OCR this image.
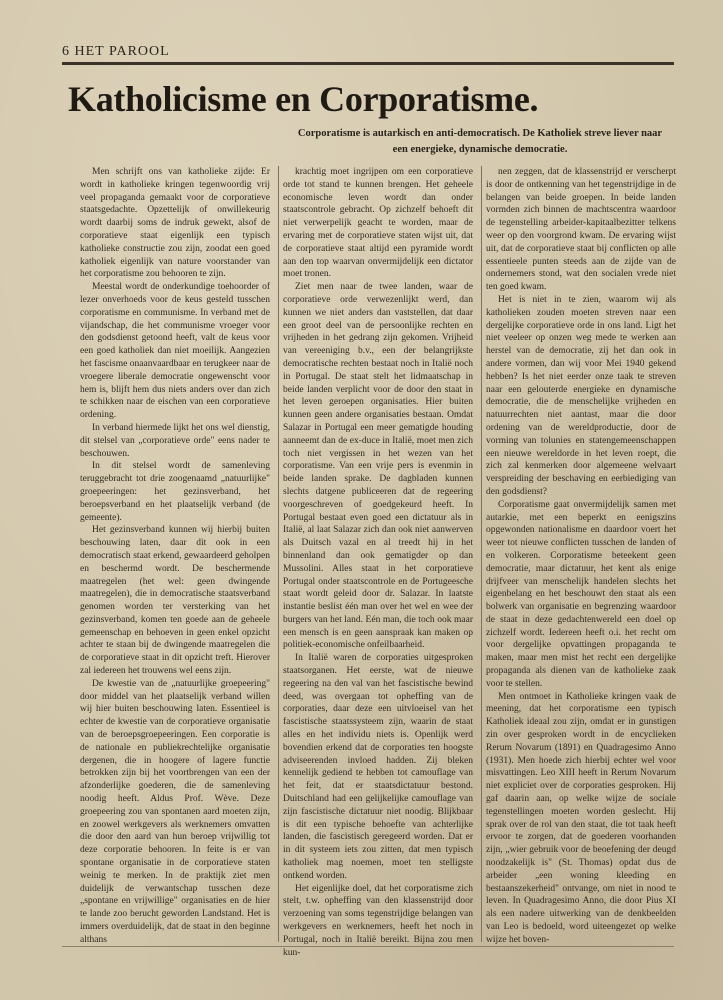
6 HET PAROOL
Katholicisme en Corporatisme.
Corporatisme is autarkisch en anti-democratisch. De Katholiek streve liever naar een energieke, dynamische democratie.

Men schrijft ons van katholieke zijde: Er wordt in katholieke kringen tegenwoordig vrij veel propaganda gemaakt voor de corporatieve staatsgedachte. Opzettelijk of onwillekeurig wordt daarbij soms de indruk gewekt, alsof de corporatieve staat eigenlijk een typisch katholieke constructie zou zijn, zoodat een goed katholiek eigenlijk van nature voorstander van het corporatisme zou behooren te zijn.

Meestal wordt de onderkundige toehoorder of lezer onverhoeds voor de keus gesteld tusschen corporatisme en communisme. In verband met de vijandschap, die het communisme vroeger voor den godsdienst getoond heeft, valt de keus voor een goed katholiek dan niet moeilijk. Aangezien het fascisme onaanvaardbaar en terugkeer naar de vroegere liberale democratie ongewenscht voor hem is, blijft hem dus niets anders over dan zich te schikken naar de eischen van een corporatieve ordening.

In verband hiermede lijkt het ons wel dienstig, dit stelsel van „corporatieve orde" eens nader te beschouwen.

In dit stelsel wordt de samenleving teruggebracht tot drie zoogenaamd „natuurlijke" groepeeringen: het gezinsverband, het beroepsverband en het plaatselijk verband (de gemeente).

Het gezinsverband kunnen wij hierbij buiten beschouwing laten, daar dit ook in een democratisch staat erkend, gewaardeerd geholpen en beschermd wordt. De beschermende maatregelen (het wel: geen dwingende maatregelen), die in democratische staatsverband genomen worden ter versterking van het gezinsverband, komen ten goede aan de geheele gemeenschap en behoeven in geen enkel opzicht achter te staan bij de dwingende maatregelen die de corporatieve staat in dit opzicht treft. Hierover zal iedereen het trouwens wel eens zijn.

De kwestie van de „natuurlijke groepeering" door middel van het plaatselijk verband willen wij hier buiten beschouwing laten. Essentieel is echter de kwestie van de corporatieve organisatie van de beroepsgroepeeringen. Een corporatie is de nationale en publiekrechtelijke organisatie dergenen, die in hoogere of lagere functie betrokken zijn bij het voortbrengen van een der afzonderlijke goederen, die de samenleving noodig heeft. Aldus Prof. Wève. Deze groepeering zou van spontanen aard moeten zijn, en zoowel werkgevers als werknemers omvatten die door den aard van hun beroep vrijwillig tot deze corporatie behooren. In feite is er van spontane organisatie in de corporatieve staten weinig te merken. In de praktijk ziet men duidelijk de verwantschap tusschen deze „spontane en vrijwillige" organisaties en de hier te lande zoo berucht geworden Landstand. Het is immers overduidelijk, dat de staat in den beginne althans

krachtig moet ingrijpen om een corporatieve orde tot stand te kunnen brengen. Het geheele economische leven wordt dan onder staatscontrole gebracht. Op zichzelf behoeft dit niet verwerpelijk geacht te worden, maar de ervaring met de corporatieve staten wijst uit, dat de corporatieve staat altijd een pyramide wordt aan den top waarvan onvermijdelijk een dictator moet tronen.

Ziet men naar de twee landen, waar de corporatieve orde verwezenlijkt werd, dan kunnen we niet anders dan vaststellen, dat daar een groot deel van de persoonlijke rechten en vrijheden in het gedrang zijn gekomen. Vrijheid van vereeniging b.v., een der belangrijkste democratische rechten bestaat noch in Italië noch in Portugal. De staat stelt het lidmaatschap in beide landen verplicht voor de door den staat in het leven geroepen organisaties. Hier buiten kunnen geen andere organisaties bestaan. Omdat Salazar in Portugal een meer gematigde houding aanneemt dan de ex-duce in Italië, moet men zich toch niet vergissen in het wezen van het corporatisme. Van een vrije pers is evenmin in beide landen sprake. De dagbladen kunnen slechts datgene publiceeren dat de regeering voorgeschreven of goedgekeurd heeft. In Portugal bestaat even goed een dictatuur als in Italië, al laat Salazar zich dan ook niet aanwerven als Duitsch vazal en al treedt hij in het binnenland dan ook gematigder op dan Mussolini. Alles staat in het corporatieve Portugal onder staatscontrole en de Portugeesche staat wordt geleid door dr. Salazar. In laatste instantie beslist één man over het wel en wee der burgers van het land. Eén man, die toch ook maar een mensch is en geen aanspraak kan maken op politiek-economische onfeilbaarheid.

In Italië waren de corporaties uitgesproken staatsorganen. Het eerste, wat de nieuwe regeering na den val van het fascistische bewind deed, was overgaan tot opheffing van de corporaties, daar deze een uitvloeisel van het fascistische staatssysteem zijn, waarin de staat alles en het individu niets is. Openlijk werd bovendien erkend dat de corporaties ten hoogste adviseerenden invloed hadden. Zij bleken kennelijk gediend te hebben tot camouflage van het feit, dat er staatsdictatuur bestond. Duitschland had een gelijkelijke camouflage van zijn fascistische dictatuur niet noodig. Blijkbaar is dit een typische behoefte van achterlijke landen, die fascistisch geregeerd worden. Dat er in dit systeem iets zou zitten, dat men typisch katholiek mag noemen, moet ten stelligste ontkend worden.

Het eigenlijke doel, dat het corporatisme zich stelt, t.w. opheffing van den klassenstrijd door verzoening van soms tegenstrijdige belangen van werkgevers en werknemers, heeft het noch in Portugal, noch in Italië bereikt. Bijna zou men kun-

nen zeggen, dat de klassenstrijd er verscherpt is door de ontkenning van het tegenstrijdige in de belangen van beide groepen. In beide landen vormden zich binnen de machtscentra waardoor de tegenstelling arbeider-kapitaalbezitter telkens weer op den voorgrond kwam. De ervaring wijst uit, dat de corporatieve staat bij conflicten op alle essentieele punten steeds aan de zijde van de ondernemers stond, wat den socialen vrede niet ten goed kwam.

Het is niet in te zien, waarom wij als katholieken zouden moeten streven naar een dergelijke corporatieve orde in ons land. Ligt het niet veeleer op onzen weg mede te werken aan herstel van de democratie, zij het dan ook in andere vormen, dan wij voor Mei 1940 gekend hebben? Is het niet eerder onze taak te streven naar een gelouterde energieke en dynamische democratie, die de menschelijke vrijheden en natuurrechten niet aantast, maar die door ordening van de wereldproductie, door de vorming van tolunies en statengemeenschappen een nieuwe wereldorde in het leven roept, die zich zal kenmerken door algemeene welvaart verspreiding der beschaving en eerbiediging van den godsdienst?

Corporatisme gaat onvermijdelijk samen met autarkie, met een beperkt en eenigszins opgewonden nationalisme en daardoor voert het weer tot nieuwe conflicten tusschen de landen of en volkeren. Corporatisme beteekent geen democratie, maar dictatuur, het kent als enige drijfveer van menschelijk handelen slechts het eigenbelang en het beschouwt den staat als een bolwerk van organisatie en begrenzing waardoor de staat in deze gedachtenwereld een doel op zichzelf wordt. Iedereen heeft o.i. het recht om voor dergelijke opvattingen propaganda te maken, maar men mist het recht een dergelijke propaganda als dienen van de katholieke zaak voor te stellen.

Men ontmoet in Katholieke kringen vaak de meening, dat het corporatisme een typisch Katholiek ideaal zou zijn, omdat er in gunstigen zin over gesproken wordt in de encyclieken Rerum Novarum (1891) en Quadragesimo Anno (1931). Men hoede zich hierbij echter wel voor misvattingen. Leo XIII heeft in Rerum Novarum niet expliciet over de corporaties gesproken. Hij gaf daarin aan, op welke wijze de sociale tegenstellingen moeten worden geslecht. Hij sprak over de rol van den staat, die tot taak heeft ervoor te zorgen, dat de goederen voorhanden zijn, „wier gebruik voor de beoefening der deugd noodzakelijk is" (St. Thomas) opdat dus de arbeider „een woning kleeding en bestaanszekerheid" ontvange, om niet in nood te leven. In Quadragesimo Anno, die door Pius XI als een nadere uitwerking van de denkbeelden van Leo is bedoeld, word uiteengezet op welke wijze het boven-
